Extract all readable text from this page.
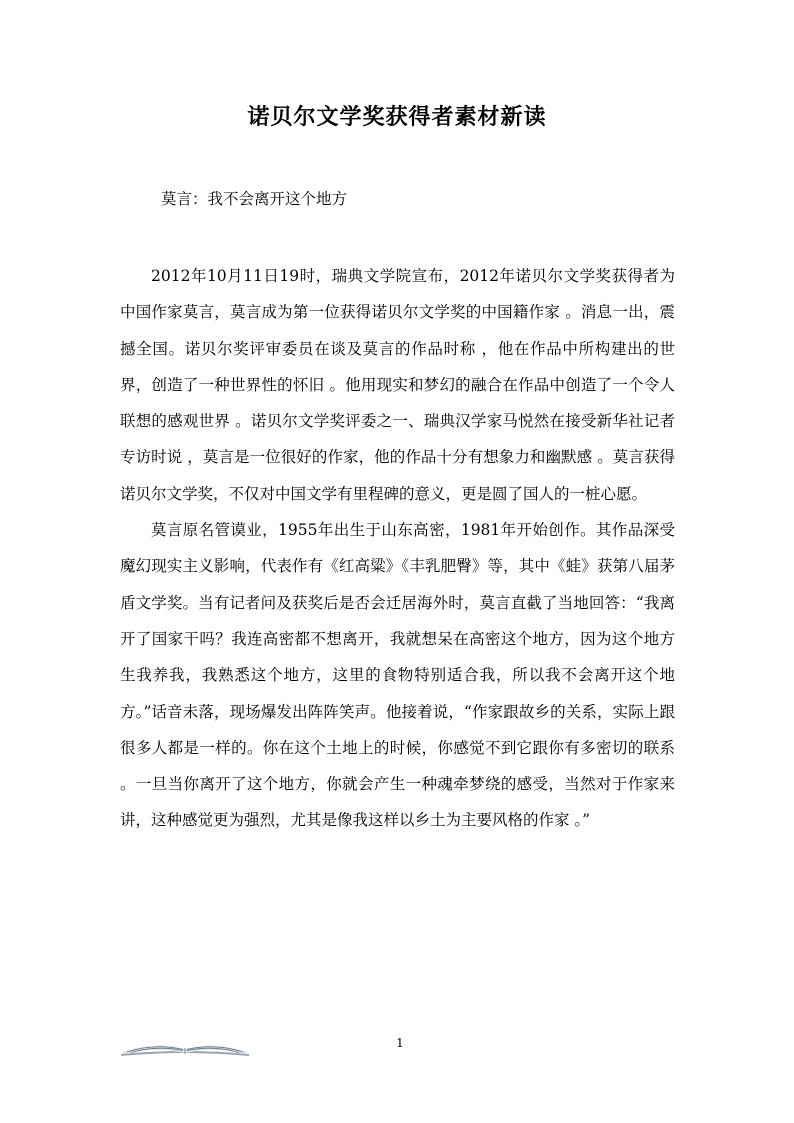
诺贝尔文学奖获得者素材新读
莫言：我不会离开这个地方

2012年10月11日19时，瑞典文学院宣布，2012年诺贝尔文学奖获得者为中国作家莫言，莫言成为第一位获得诺贝尔文学奖的中国籍作家 。消息一出，震撼全国。诺贝尔奖评审委员在谈及莫言的作品时称 ，他在作品中所构建出的世界，创造了一种世界性的怀旧 。他用现实和梦幻的融合在作品中创造了一个令人联想的感观世界 。诺贝尔文学奖评委之一、瑞典汉学家马悦然在接受新华社记者专访时说 ，莫言是一位很好的作家，他的作品十分有想象力和幽默感 。莫言获得诺贝尔文学奖，不仅对中国文学有里程碑的意义，更是圆了国人的一桩心愿。

莫言原名管谟业，1955年出生于山东高密，1981年开始创作。其作品深受魔幻现实主义影响，代表作有《红高粱》《丰乳肥臀》等，其中《蛙》获第八届茅盾文学奖。当有记者问及获奖后是否会迁居海外时，莫言直截了当地回答：“我离开了国家干吗？我连高密都不想离开，我就想呆在高密这个地方，因为这个地方生我养我，我熟悉这个地方，这里的食物特别适合我，所以我不会离开这个地方。”话音未落，现场爆发出阵阵笑声。他接着说，“作家跟故乡的关系，实际上跟很多人都是一样的。你在这个土地上的时候，你感觉不到它跟你有多密切的联系 。一旦当你离开了这个地方，你就会产生一种魂牵梦绕的感受，当然对于作家来讲，这种感觉更为强烈，尤其是像我这样以乡土为主要风格的作家 。”

1
